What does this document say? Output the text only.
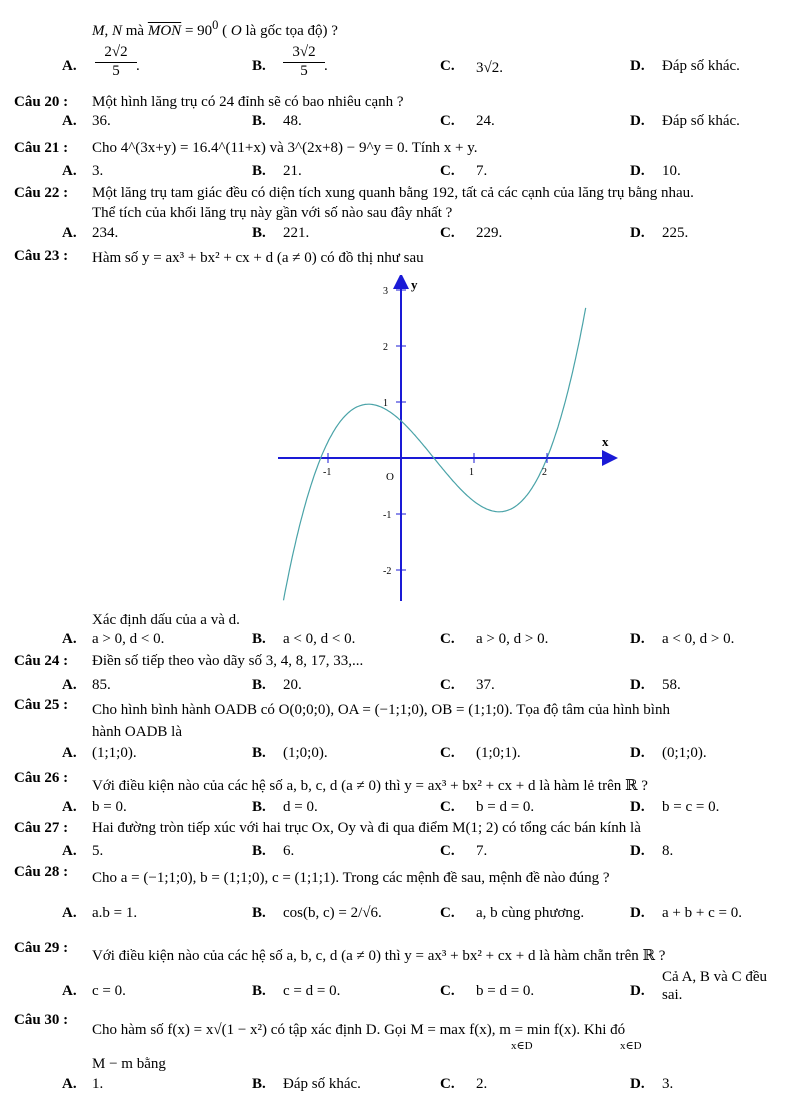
M, N mà $\overline{MON} = 90^0$ ( O là gốc tọa độ) ?
A.
2√2
5	.	B.
3√2
5	.	C. 3√2.	D. Đáp số khác.
Câu 20 : Một hình lăng trụ có 24 đỉnh sẽ có bao nhiêu cạnh ?
A. 36.	B. 48.	C. 24.	D. Đáp số khác.
Câu 21 : Cho 4^(3x+y) = 16.4^(11+x) và 3^(2x+8) − 9^y = 0. Tính x + y.
A. 3.	B. 21.	C. 7.	D. 10.
Câu 22 : Một lăng trụ tam giác đều có diện tích xung quanh bằng 192, tất cả các cạnh của lăng trụ bằng nhau.
Thể tích của khối lăng trụ này gần với số nào sau đây nhất ?
A. 234.	B. 221.	C. 229.	D. 225.
Câu 23 : Hàm số y = ax³ + bx² + cx + d (a ≠ 0) có đồ thị như sau
Xác định dấu của a và d.
A. a > 0, d < 0.	B. a < 0, d < 0.	C. a > 0, d > 0.	D. a < 0, d > 0.
Câu 24 : Điền số tiếp theo vào dãy số 3, 4, 8, 17, 33,...
A. 85.	B. 20.	C. 37.	D. 58.
Câu 25 : Cho hình bình hành OADB có O(0;0;0), OA = (−1;1;0), OB = (1;1;0). Tọa độ tâm của hình bình
hành OADB là
A. (1;1;0).	B. (1;0;0).	C. (1;0;1).	D. (0;1;0).
Câu 26 : Với điều kiện nào của các hệ số a, b, c, d (a ≠ 0) thì y = ax³ + bx² + cx + d là hàm lẻ trên ℝ ?
A. b = 0.	B. d = 0.	C. b = d = 0.	D. b = c = 0.
Câu 27 : Hai đường tròn tiếp xúc với hai trục Ox, Oy và đi qua điểm M(1; 2) có tổng các bán kính là
A. 5.	B. 6.	C. 7.	D. 8.
Câu 28 : Cho a = (−1;1;0), b = (1;1;0), c = (1;1;1). Trong các mệnh đề sau, mệnh đề nào đúng ?
A. a.b = 1.	B. cos(b, c) = 2/√6.	C. a, b cùng phương.	D. a + b + c = 0.
Câu 29 : Với điều kiện nào của các hệ số a, b, c, d (a ≠ 0) thì y = ax³ + bx² + cx + d là hàm chẵn trên ℝ ?
A. c = 0.	B. c = d = 0.	C. b = d = 0.	D.
Cả A, B và C đều
sai.
Câu 30 :
Cho hàm số f(x) = x√(1 − x²) có tập xác định D. Gọi M = max f(x), m = min f(x). Khi đó
M − m bằng
x∈D	x∈D
A. 1.	B. Đáp số khác.	C. 2.	D. 3.
x
y
O
-1	1	2
3
2
1
-1
-2
